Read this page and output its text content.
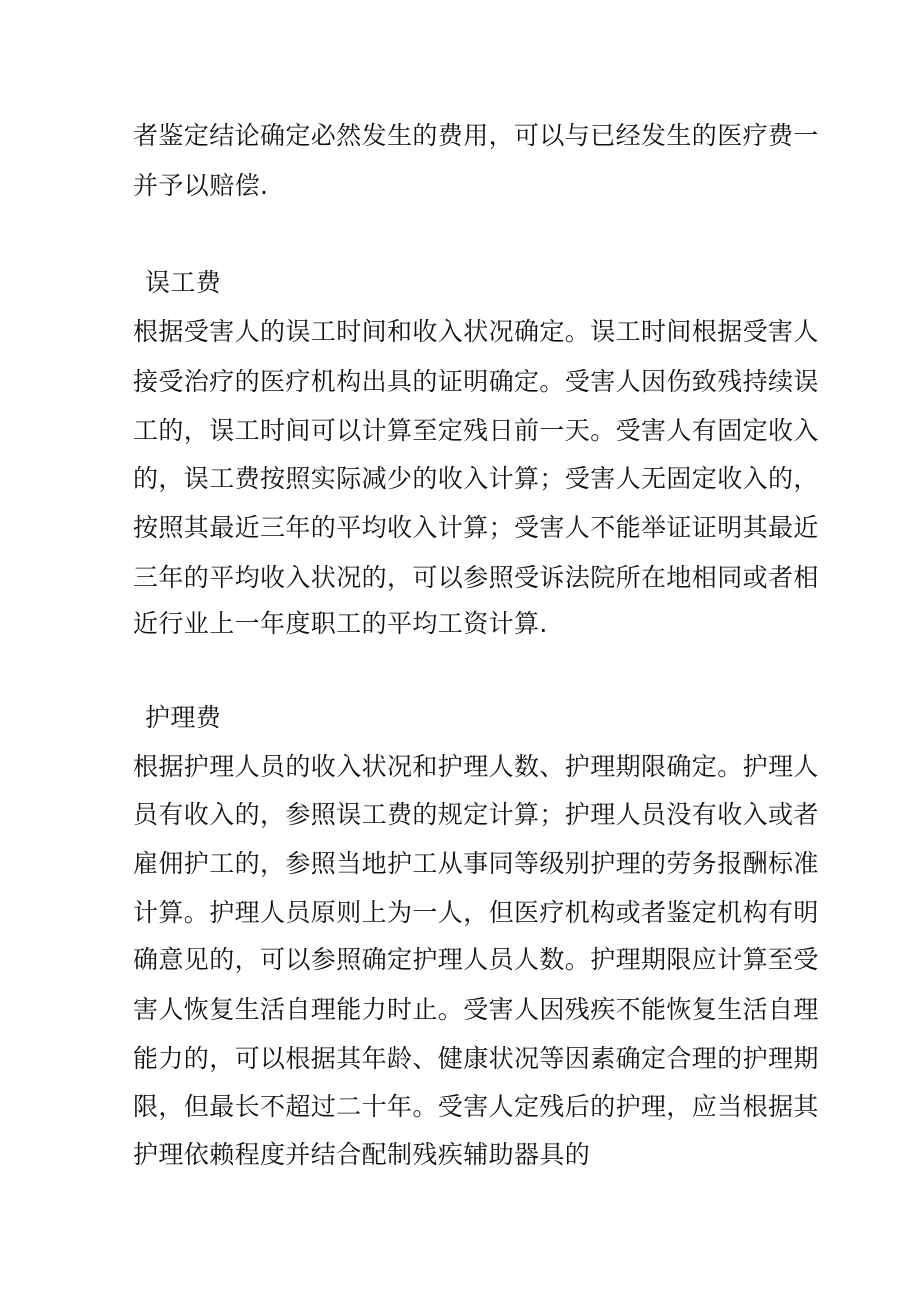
者鉴定结论确定必然发生的费用，可以与已经发生的医疗费一
并予以赔偿.
误工费
根据受害人的误工时间和收入状况确定。误工时间根据受害人
接受治疗的医疗机构出具的证明确定。受害人因伤致残持续误
工的，误工时间可以计算至定残日前一天。受害人有固定收入
的，误工费按照实际减少的收入计算；受害人无固定收入的，
按照其最近三年的平均收入计算；受害人不能举证证明其最近
三年的平均收入状况的，可以参照受诉法院所在地相同或者相
近行业上一年度职工的平均工资计算.
护理费
根据护理人员的收入状况和护理人数、护理期限确定。护理人
员有收入的，参照误工费的规定计算；护理人员没有收入或者
雇佣护工的，参照当地护工从事同等级别护理的劳务报酬标准
计算。护理人员原则上为一人，但医疗机构或者鉴定机构有明
确意见的，可以参照确定护理人员人数。护理期限应计算至受
害人恢复生活自理能力时止。受害人因残疾不能恢复生活自理
能力的，可以根据其年龄、健康状况等因素确定合理的护理期
限，但最长不超过二十年。受害人定残后的护理，应当根据其
护理依赖程度并结合配制残疾辅助器具的
